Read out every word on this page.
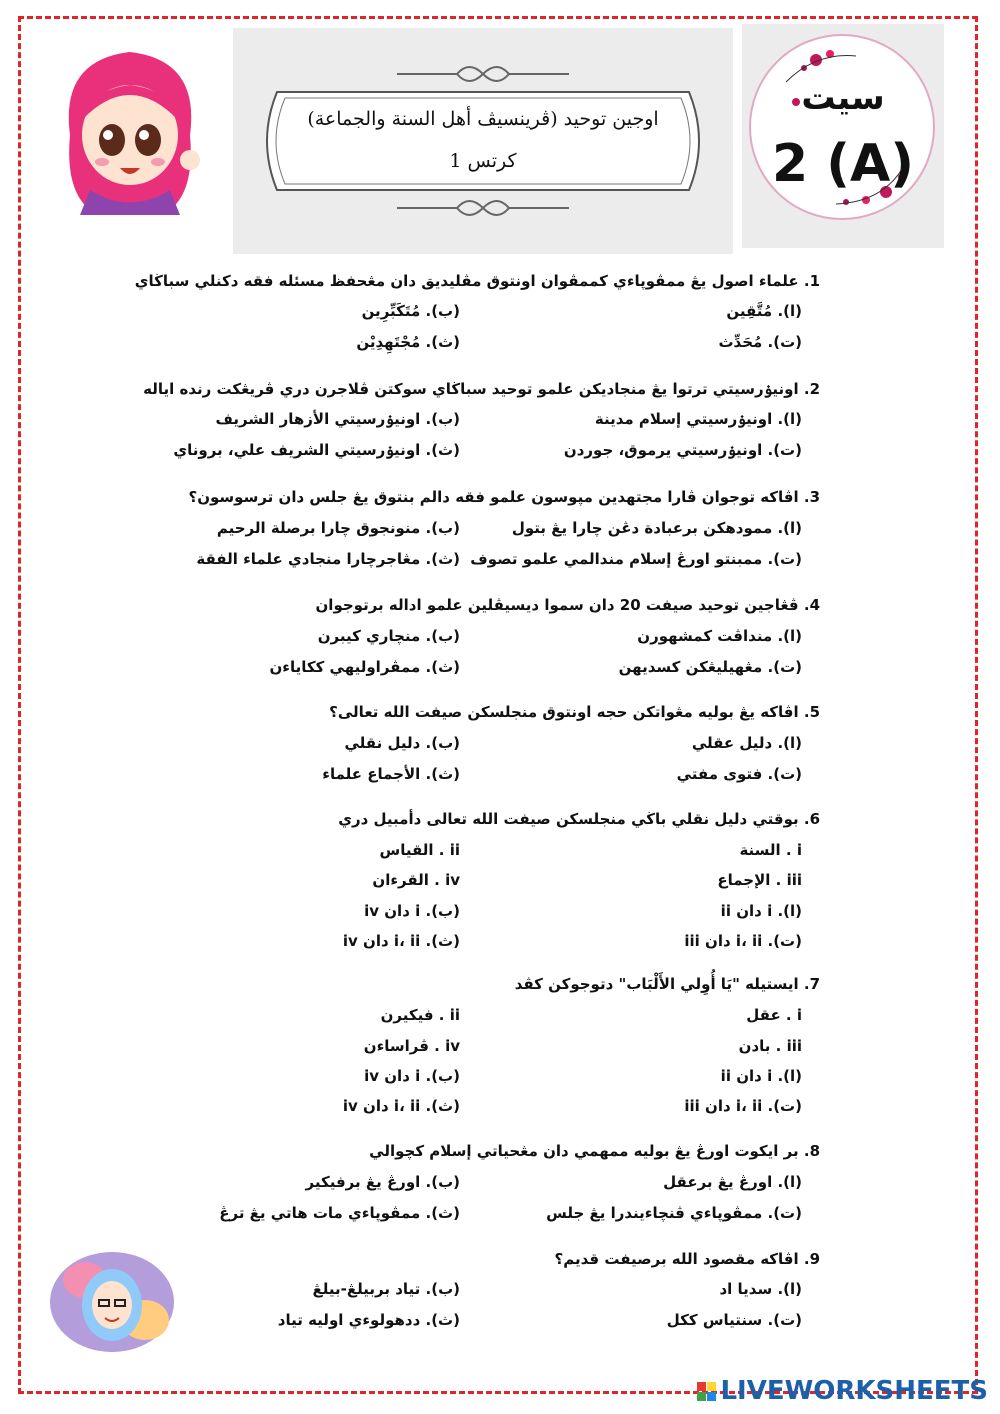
اوجين توحيد (ڤرينسيڤ أهل السنة والجماعة)
كرتس 1
سيت
2 (A)
1. علماء اصول يڠ ممڤوڽاءي كممڤوان اونتوق مڤليديق دان مڠحفظ مسئله فقه دكنلي سباڬاي
(ا). مُتَّقِين
(ب). مُتَكَبِّرِين
(ت). مُحَدِّث
(ث). مُجْتَهِدِيْن
2. اونيۏرسيتي ترتوا يڠ منجاديكن علمو توحيد سباڬاي سوكتن ڤلاجرن دري ڤريڠكت رنده اياله
(ا). اونيۏرسيتي إسلام مدينة
(ب). اونيۏرسيتي الأزهار الشريف
(ت). اونيۏرسيتي يرموق، جوردن
(ث). اونيۏرسيتي الشريف علي، بروناي
3. اڤاكه توجوان ڤارا مجتهدين مڽوسون علمو فقه دالم بنتوق يڠ جلس دان ترسوسون؟
(ا). ممودهكن برعبادة دڠن چارا يڠ بتول
(ب). منونجوق چارا برصلة الرحيم
(ت). ممبنتو اورڠ إسلام مندالمي علمو تصوف
(ث). مڠاجرچارا منجادي علماء الفقة
4. ڤڠاجين توحيد صيفت 20 دان سموا ديسيڤلين علمو اداله برتوجوان
(ا). منداڤت كمشهورن
(ب). منچاري كيبرن
(ت). مڠهيليڠكن كسديهن
(ث). ممڤراوليهي ككاياءن
5. اڤاكه يڠ بوليه مڠواتكن حجه اونتوق منجلسكن صيفت الله تعالى؟
(ا). دليل عقلي
(ب). دليل نقلي
(ت). فتوى مفتي
(ث). الأجماع علماء
6. بوقتي دليل نقلي باڬي منجلسكن صيفت الله تعالى دأمبيل دري
i . السنة
ii . القياس
iii . الإجماع
iv . القرءان
(ا). i دان ii
(ب). i دان iv
(ت). i، ii دان iii
(ث). i، ii دان iv
7. ايستيله "يَا أُوِلي الأَلْبَاب" دتوجوكن كڤد
i . عقل
ii . فيكيرن
iii . بادن
iv . ڤراساءن
(ا). i دان ii
(ب). i دان iv
(ت). i، ii دان iii
(ث). i، ii دان iv
8. بر ايكوت اورڠ يڠ بوليه ممهمي دان مڠحياتي إسلام كچوالي
(ا). اورڠ يڠ برعقل
(ب). اورڠ يڠ برفيكير
(ت). ممڤوڽاءي ڤنچاءيندرا يڠ جلس
(ث). ممڤوڽاءي مات هاتي يڠ ترڠ
9. اڤاكه مقصود الله برصيفت قديم؟
(ا). سديا اد
(ب). تياد بربيلڠ-بيلڠ
(ت). سنتياس ككل
(ث). ددهولوءي اوليه تياد
LIVEWORKSHEETS
